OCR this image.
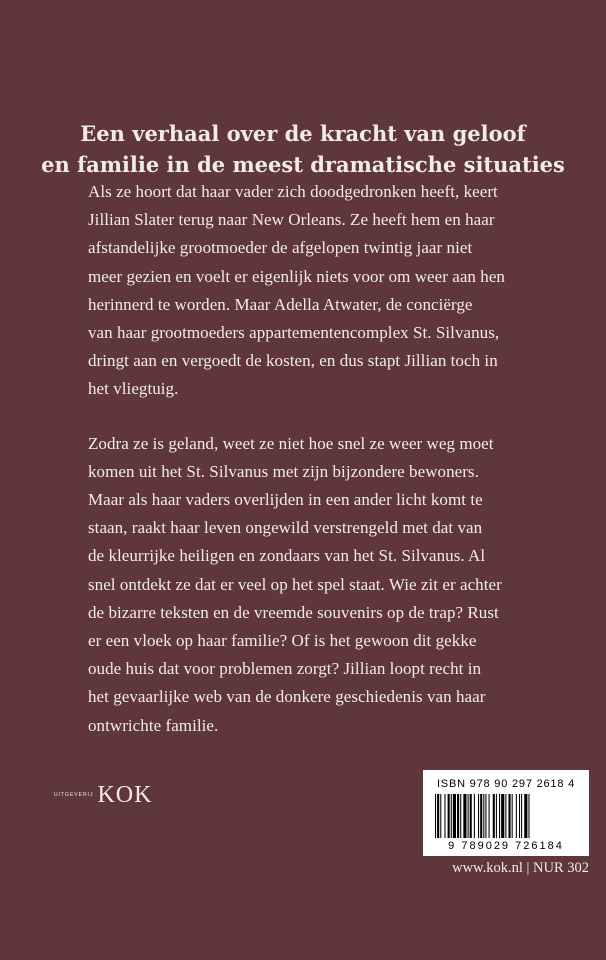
Een verhaal over de kracht van geloof
en familie in de meest dramatische situaties
Als ze hoort dat haar vader zich doodgedronken heeft, keert
Jillian Slater terug naar New Orleans. Ze heeft hem en haar
afstandelijke grootmoeder de afgelopen twintig jaar niet
meer gezien en voelt er eigenlijk niets voor om weer aan hen
herinnerd te worden. Maar Adella Atwater, de conciërge
van haar grootmoeders appartementencomplex St. Silvanus,
dringt aan en vergoedt de kosten, en dus stapt Jillian toch in
het vliegtuig.
Zodra ze is geland, weet ze niet hoe snel ze weer weg moet
komen uit het St. Silvanus met zijn bijzondere bewoners.
Maar als haar vaders overlijden in een ander licht komt te
staan, raakt haar leven ongewild verstrengeld met dat van
de kleurrijke heiligen en zondaars van het St. Silvanus. Al
snel ontdekt ze dat er veel op het spel staat. Wie zit er achter
de bizarre teksten en de vreemde souvenirs op de trap? Rust
er een vloek op haar familie? Of is het gewoon dit gekke
oude huis dat voor problemen zorgt? Jillian loopt recht in
het gevaarlijke web van de donkere geschiedenis van haar
ontwrichte familie.
UITGEVERIJ KOK	ISBN 978 90 297 2618 4
9 789029 726184
www.kok.nl | NUR 302
